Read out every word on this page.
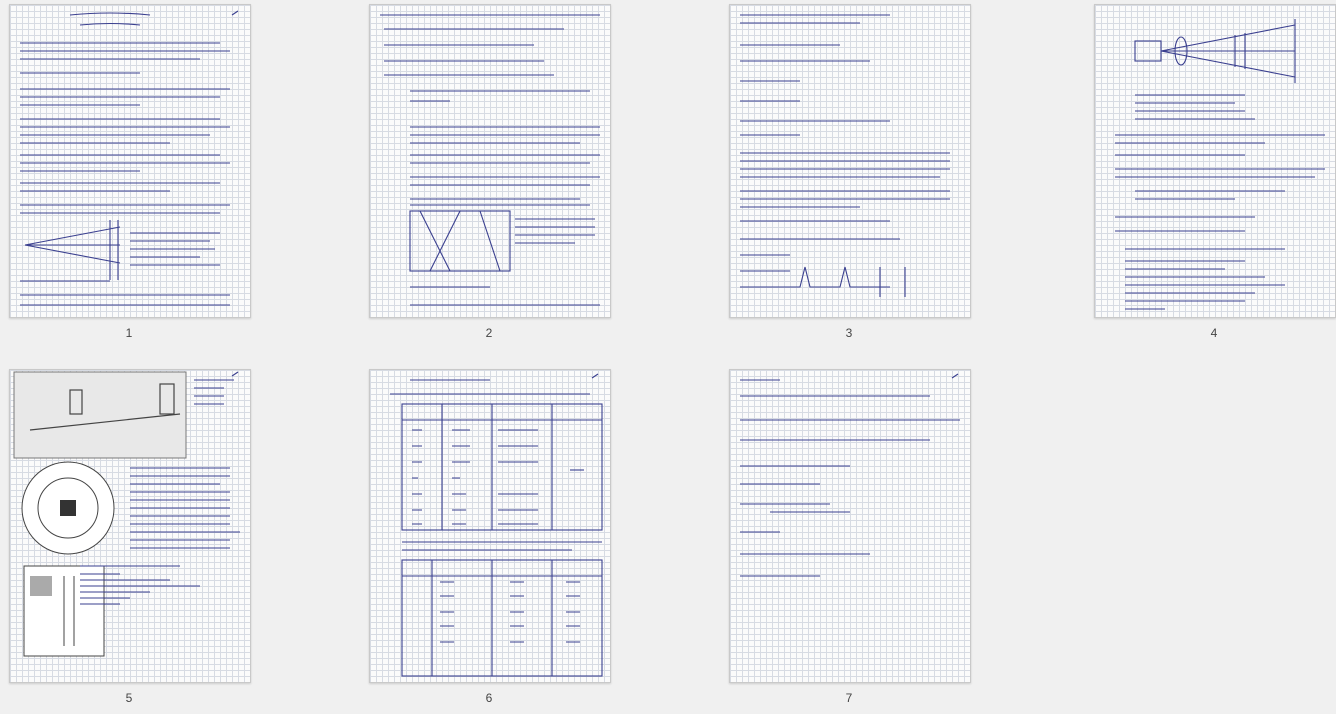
1	2	3	4
5	6	7
